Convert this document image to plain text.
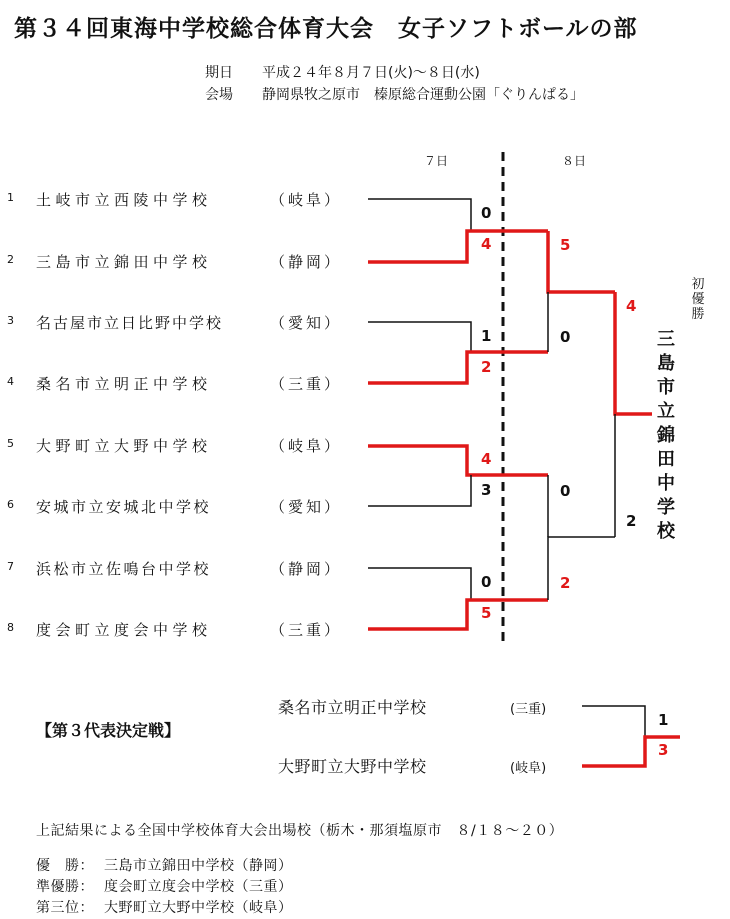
第３４回東海中学校総合体育大会　女子ソフトボールの部
期日 平成２４年８月７日(火)～８日(水)
会場 静岡県牧之原市　榛原総合運動公園「ぐりんぱる」
７日	８日
1 土岐市立西陵中学校	（岐阜）
2 三島市立錦田中学校	（静岡）
3 名古屋市立日比野中学校	（愛知）
4 桑名市立明正中学校	（三重）
5 大野町立大野中学校	（岐阜）
6 安城市立安城北中学校	（愛知）
7 浜松市立佐鳴台中学校	（静岡）
8 度会町立度会中学校	（三重）
0
4
1
2
4
3
0
5
5
0
0
2
4
2
初優勝
三島市立錦田中学校
【第３代表決定戦】
桑名市立明正中学校	(三重)
大野町立大野中学校	(岐阜)
1
3
上記結果による全国中学校体育大会出場校（栃木・那須塩原市　８/１８～２０）
優　勝： 三島市立錦田中学校（静岡）
準優勝： 度会町立度会中学校（三重）
第三位： 大野町立大野中学校（岐阜）
